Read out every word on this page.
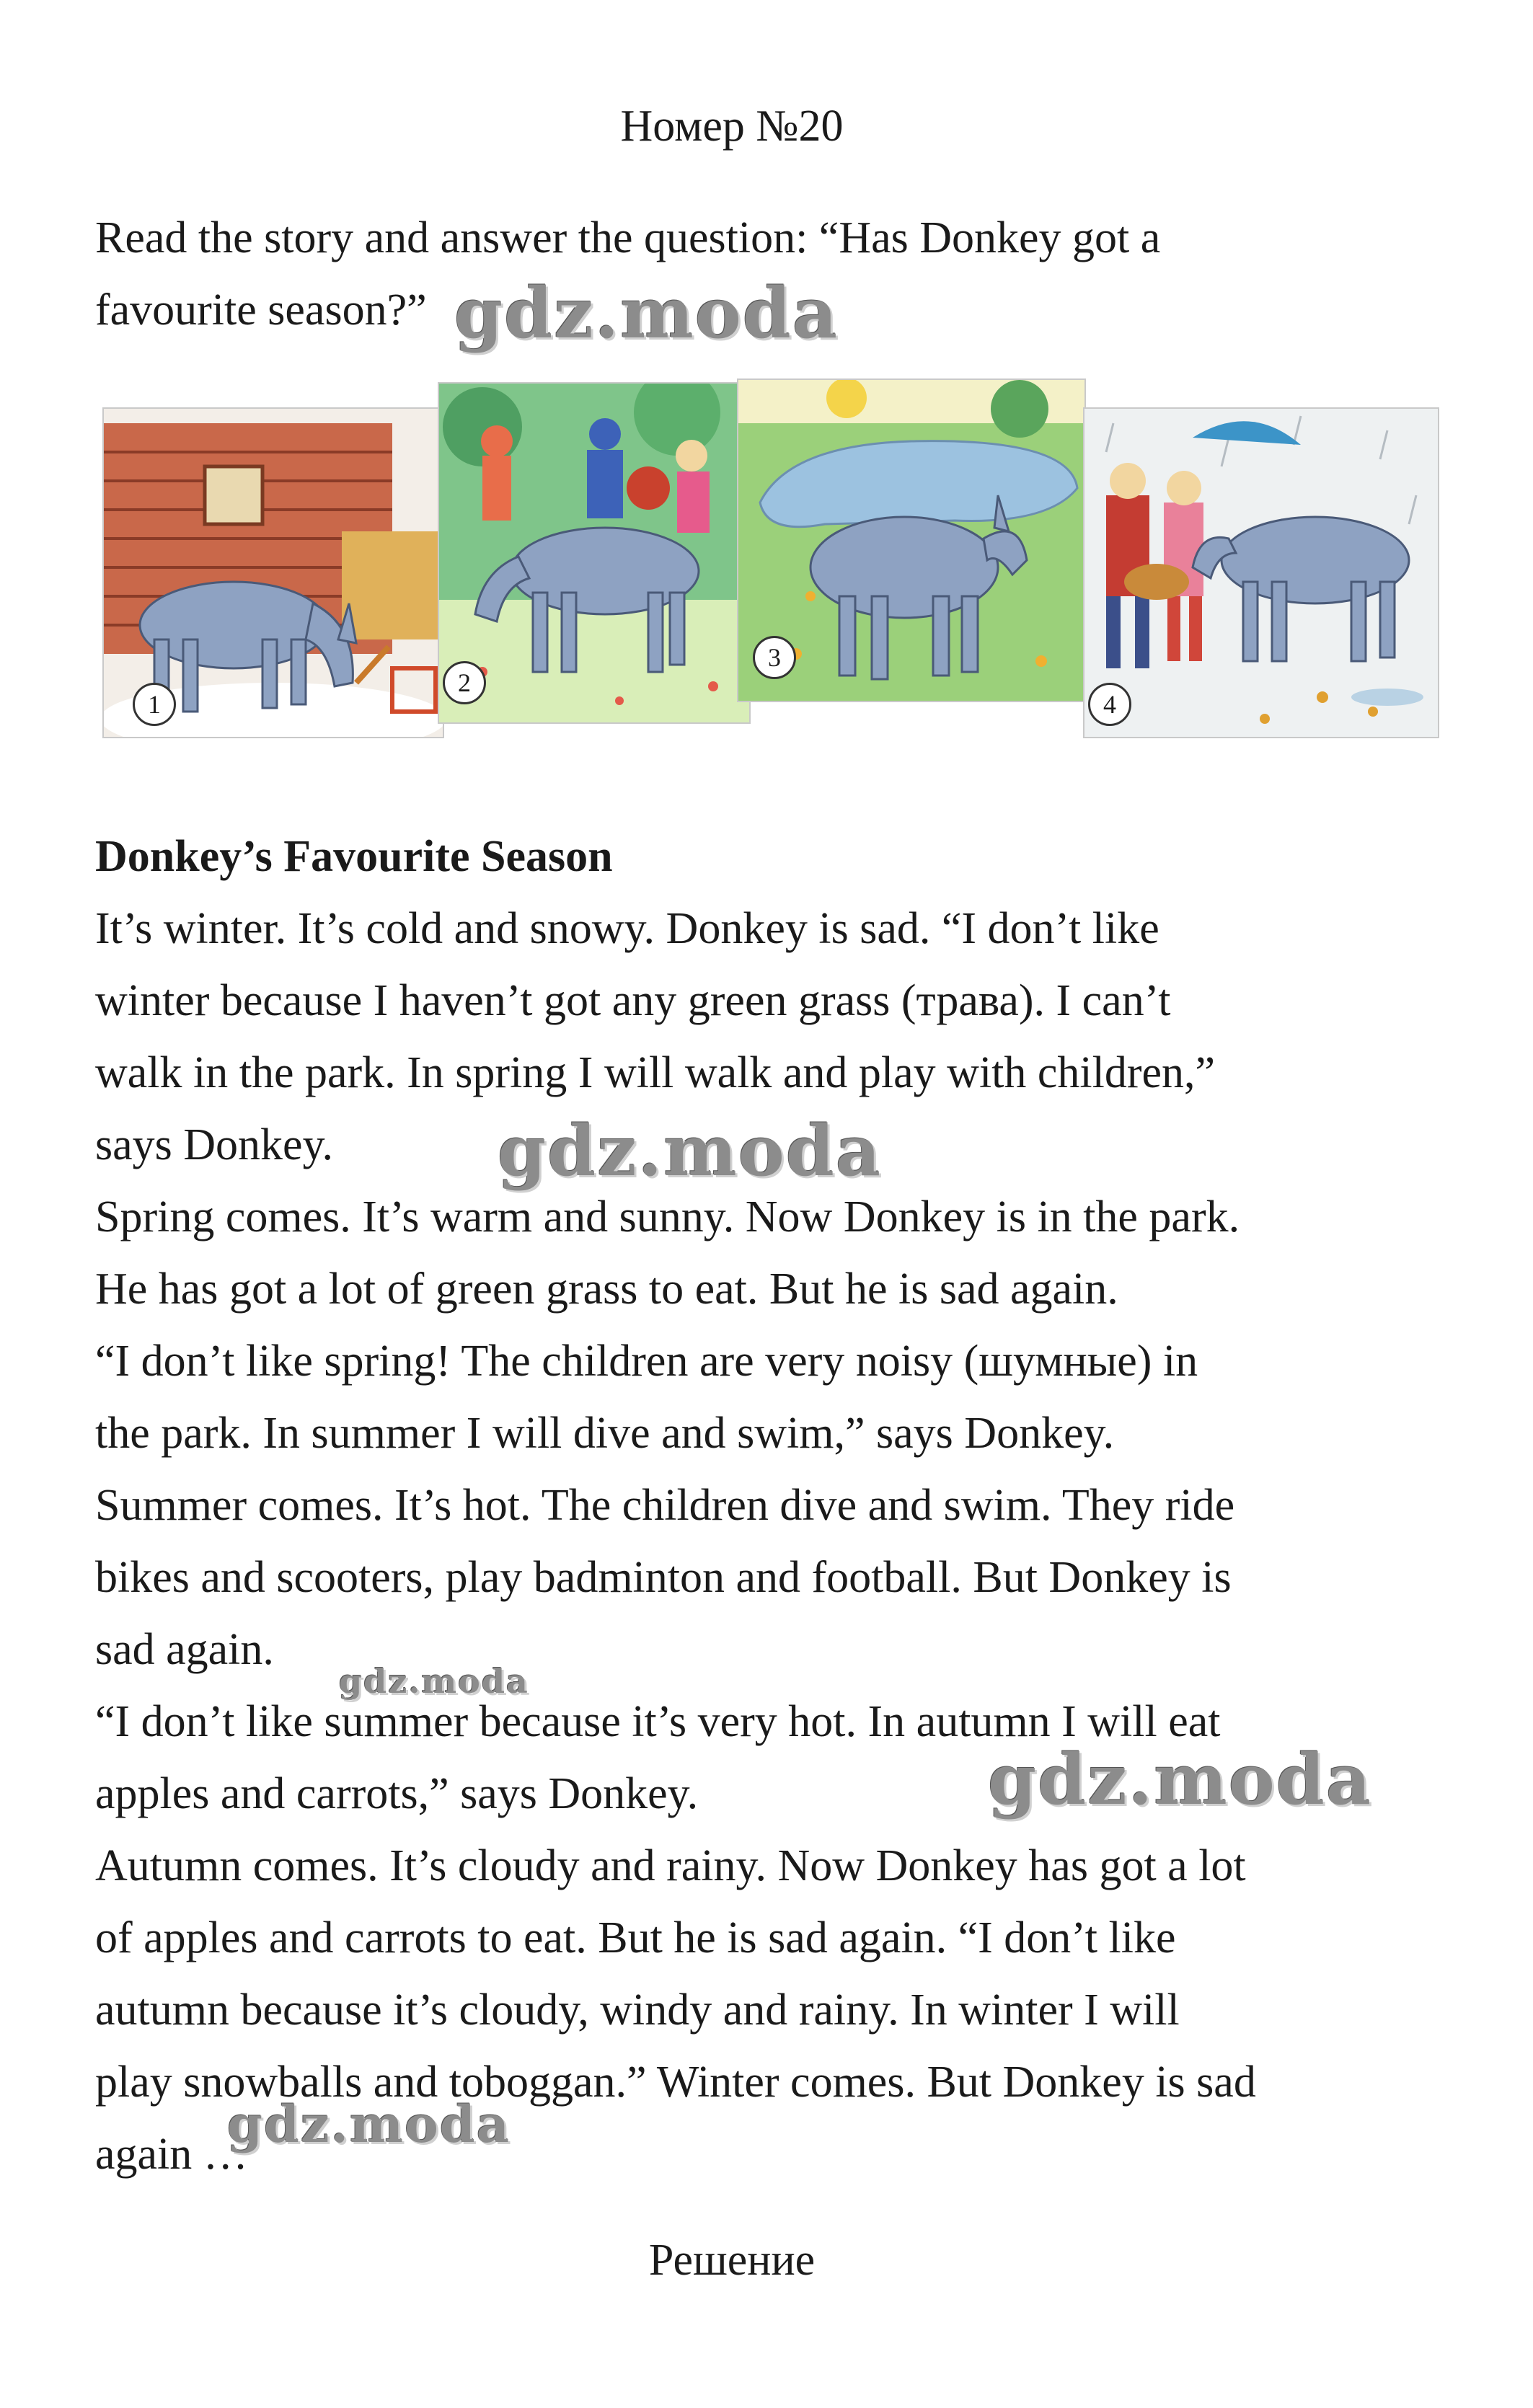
Номер №20
Read the story and answer the question: “Has Donkey got a
favourite season?” gdz.moda
gdz.moda
gdz.moda
gdz.moda
gdz.moda
1
2
3
4
Donkey’s Favourite Season
It’s winter. It’s cold and snowy. Donkey is sad. “I don’t like
winter because I haven’t got any green grass (трава). I can’t
walk in the park. In spring I will walk and play with children,”
says Donkey.
Spring comes. It’s warm and sunny. Now Donkey is in the park.
He has got a lot of green grass to eat. But he is sad again.
“I don’t like spring! The children are very noisy (шумные) in
the park. In summer I will dive and swim,” says Donkey.
Summer comes. It’s hot. The children dive and swim. They ride
bikes and scooters, play badminton and football. But Donkey is
sad again.
“I don’t like summer because it’s very hot. In autumn I will eat
apples and carrots,” says Donkey.
Autumn comes. It’s cloudy and rainy. Now Donkey has got a lot
of apples and carrots to eat. But he is sad again. “I don’t like
autumn because it’s cloudy, windy and rainy. In winter I will
play snowballs and toboggan.” Winter comes. But Donkey is sad
again …
Решение
